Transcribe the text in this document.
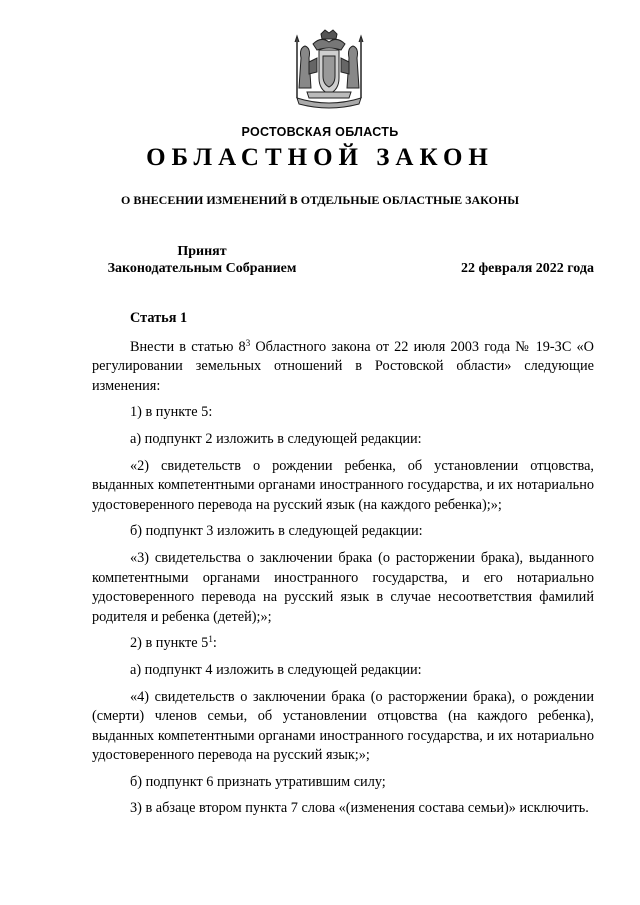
РОСТОВСКАЯ ОБЛАСТЬ
ОБЛАСТНОЙ ЗАКОН
О ВНЕСЕНИИ ИЗМЕНЕНИЙ В ОТДЕЛЬНЫЕ ОБЛАСТНЫЕ ЗАКОНЫ
Принят
Законодательным Собранием	22 февраля 2022 года

Статья 1

Внести в статью $8^3$ Областного закона от 22 июля 2003 года № 19-ЗС «О регулировании земельных отношений в Ростовской области» следующие изменения:

1) в пункте 5:

а) подпункт 2 изложить в следующей редакции:

«2) свидетельств о рождении ребенка, об установлении отцовства, выданных компетентными органами иностранного государства, и их нотариально удостоверенного перевода на русский язык (на каждого ребенка);»;

б) подпункт 3 изложить в следующей редакции:

«3) свидетельства о заключении брака (о расторжении брака), выданного компетентными органами иностранного государства, и его нотариально удостоверенного перевода на русский язык в случае несоответствия фамилий родителя и ребенка (детей);»;

2) в пункте $5^1$:

а) подпункт 4 изложить в следующей редакции:

«4) свидетельств о заключении брака (о расторжении брака), о рождении (смерти) членов семьи, об установлении отцовства (на каждого ребенка), выданных компетентными органами иностранного государства, и их нотариально удостоверенного перевода на русский язык;»;

б) подпункт 6 признать утратившим силу;

3) в абзаце втором пункта 7 слова «(изменения состава семьи)» исключить.
